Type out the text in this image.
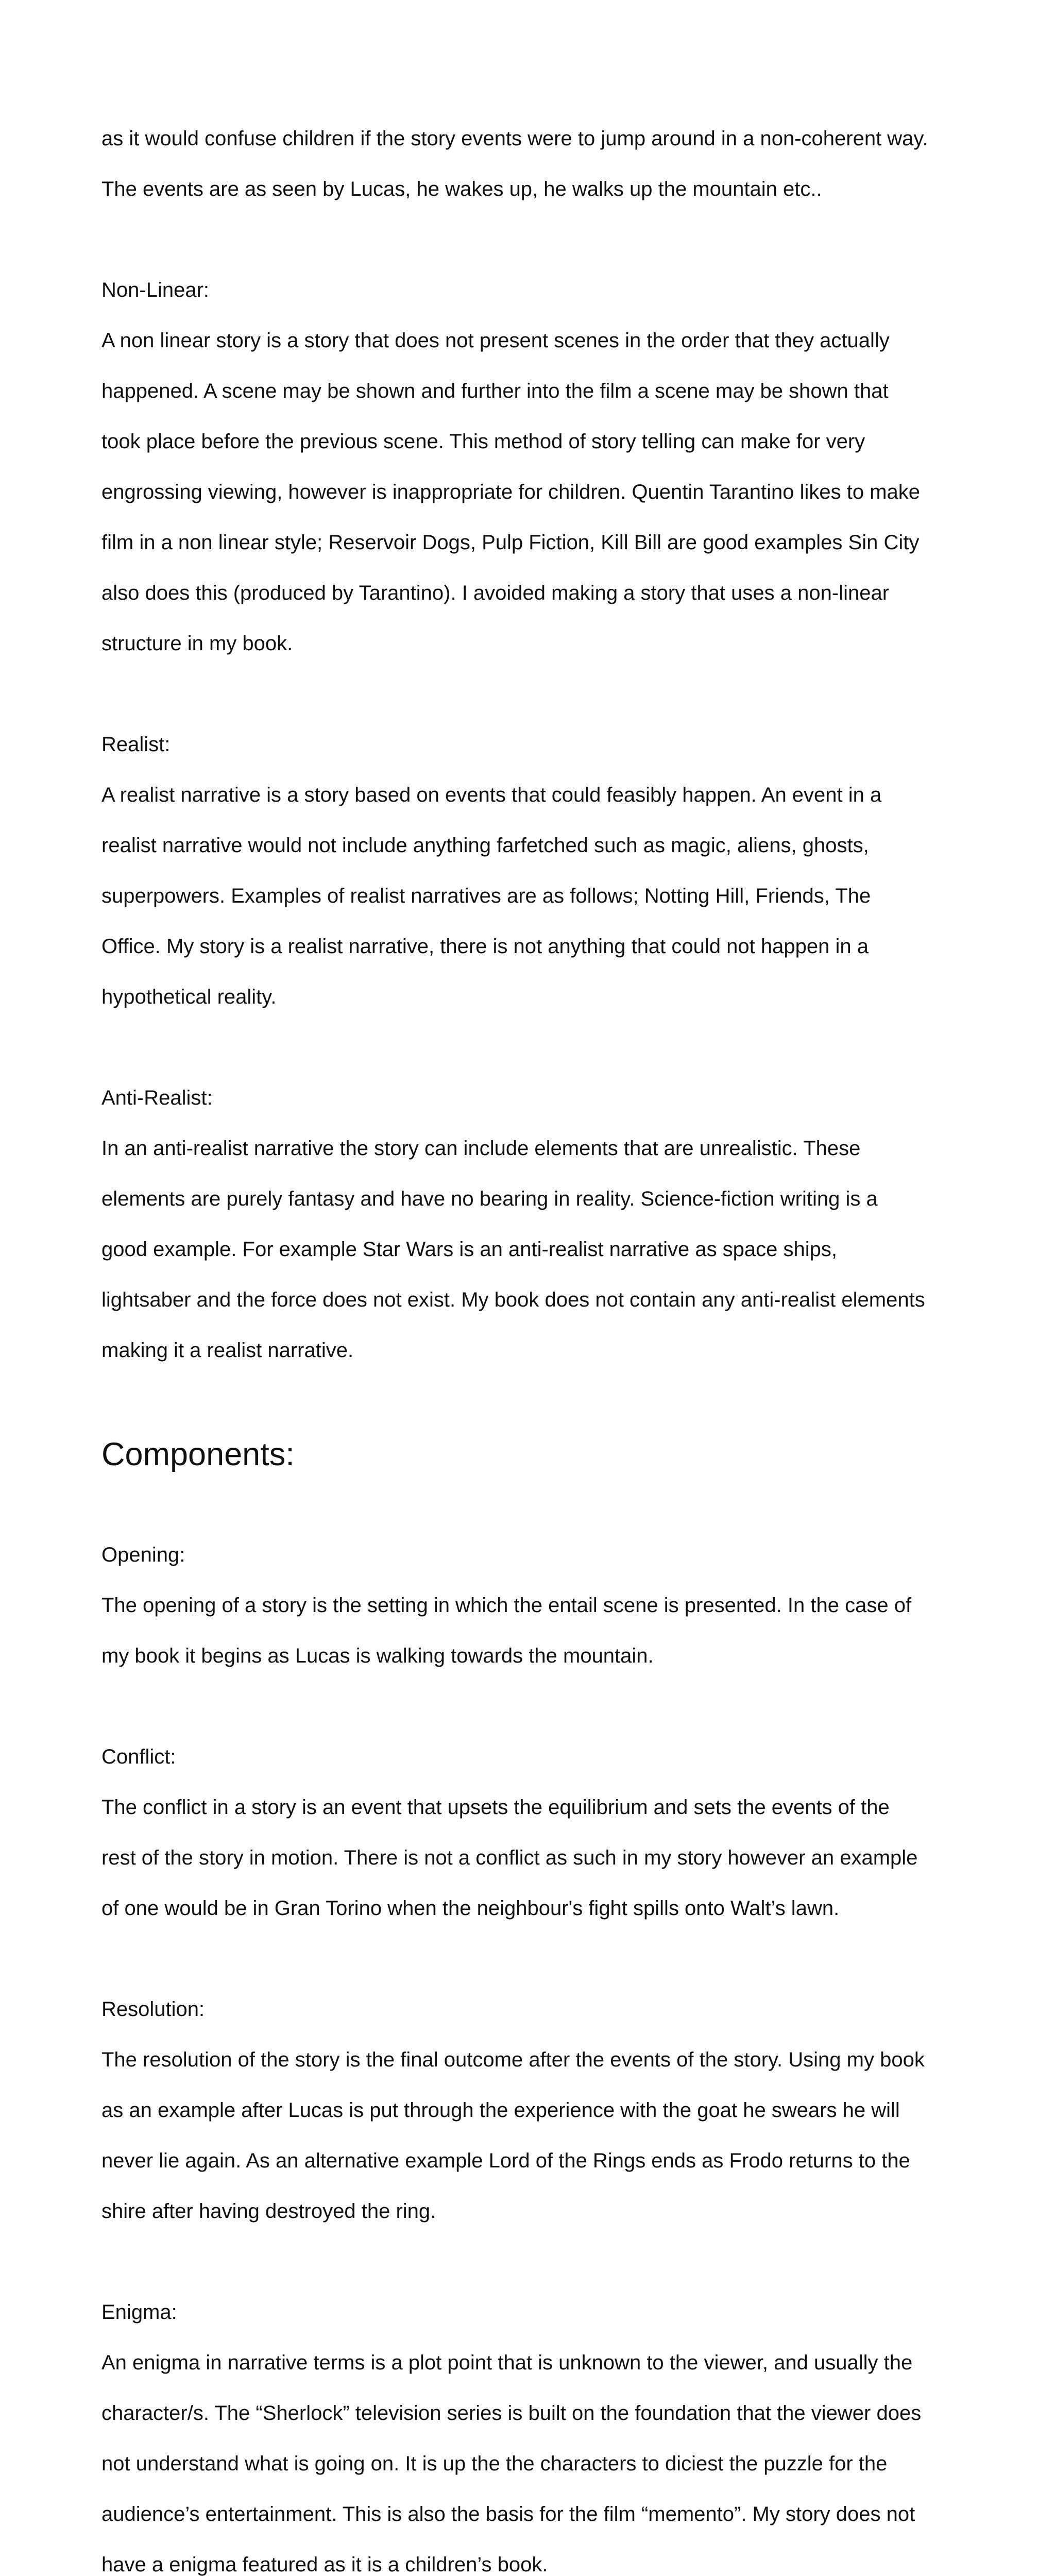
as it would confuse children if the story events were to jump around in a non-coherent way.

The events are as seen by Lucas, he wakes up, he walks up the mountain etc..

Non-Linear:

A non linear story is a story that does not present scenes in the order that they actually

happened. A scene may be shown and further into the film a scene may be shown that

took place before the previous scene. This method of story telling can make for very

engrossing viewing, however is inappropriate for children. Quentin Tarantino likes to make

film in a non linear style; Reservoir Dogs, Pulp Fiction, Kill Bill are good examples Sin City

also does this (produced by Tarantino). I avoided making a story that uses a non-linear

structure in my book.

Realist:

A realist narrative is a story based on events that could feasibly happen. An event in a

realist narrative would not include anything farfetched such as magic, aliens, ghosts,

superpowers. Examples of realist narratives are as follows; Notting Hill, Friends, The

Office. My story is a realist narrative, there is not anything that could not happen in a

hypothetical reality.

Anti-Realist:

In an anti-realist narrative the story can include elements that are unrealistic. These

elements are purely fantasy and have no bearing in reality. Science-fiction writing is a

good example. For example Star Wars is an anti-realist narrative as space ships,

lightsaber and the force does not exist. My book does not contain any anti-realist elements

making it a realist narrative.

Components:

Opening:

The opening of a story is the setting in which the entail scene is presented. In the case of

my book it begins as Lucas is walking towards the mountain.

Conflict:

The conflict in a story is an event that upsets the equilibrium and sets the events of the

rest of the story in motion. There is not a conflict as such in my story however an example

of one would be in Gran Torino when the neighbour's fight spills onto Walt’s lawn.

Resolution:

The resolution of the story is the final outcome after the events of the story. Using my book

as an example after Lucas is put through the experience with the goat he swears he will

never lie again. As an alternative example Lord of the Rings ends as Frodo returns to the

shire after having destroyed the ring.

Enigma:

An enigma in narrative terms is a plot point that is unknown to the viewer, and usually the

character/s. The “Sherlock” television series is built on the foundation that the viewer does

not understand what is going on. It is up the the characters to diciest the puzzle for the

audience’s entertainment. This is also the basis for the film “memento”. My story does not

have a enigma featured as it is a children’s book.
